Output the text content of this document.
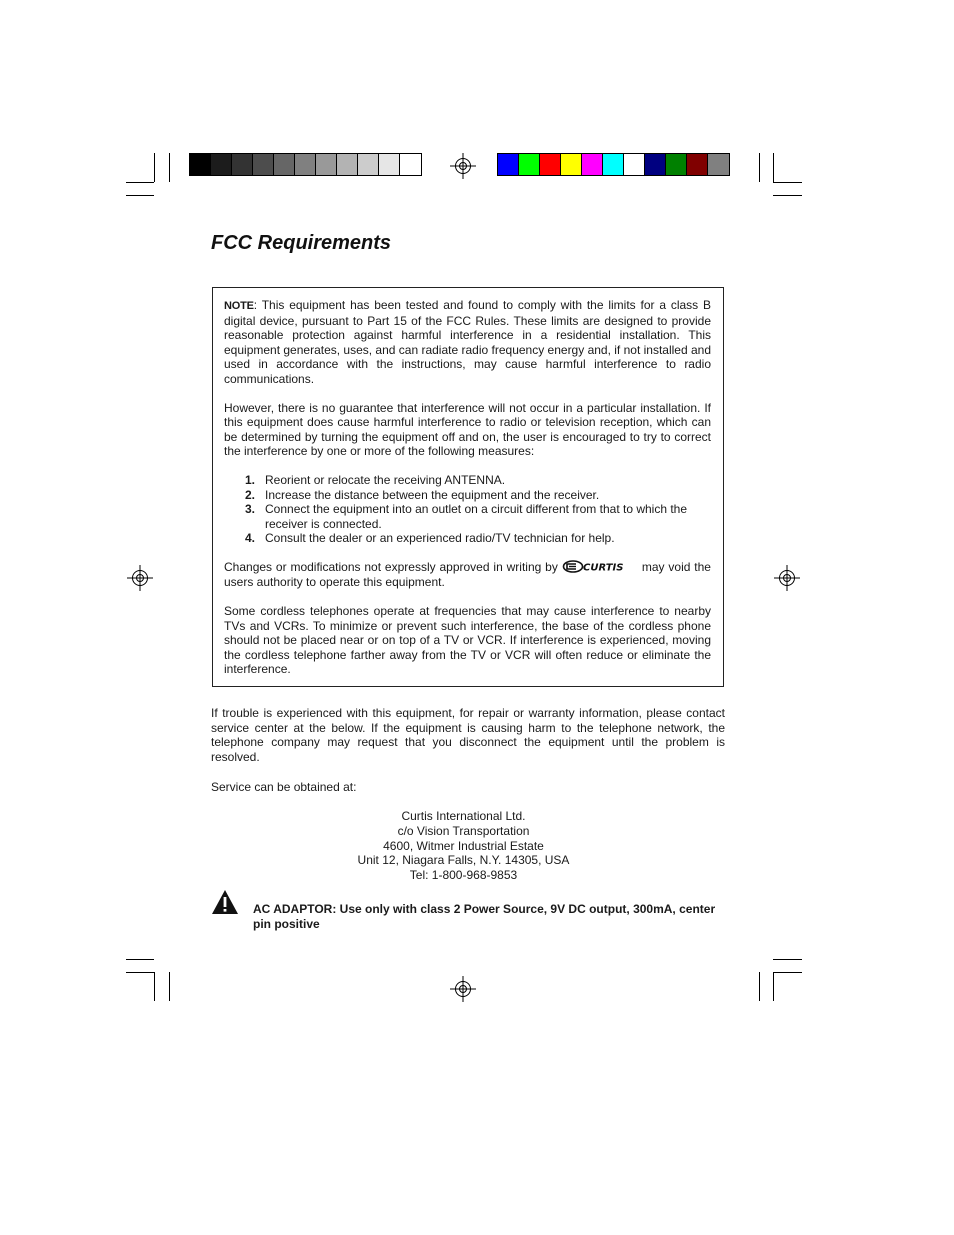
FCC Requirements

NOTE: This equipment has been tested and found to comply with the limits for a class B digital device, pursuant to Part 15 of the FCC Rules. These limits are designed to provide reasonable protection against harmful interference in a residential installation. This equipment generates, uses, and can radiate radio frequency energy and, if not installed and used in accordance with the instructions, may cause harmful interference to radio communications.

However, there is no guarantee that interference will not occur in a particular installation. If this equipment does cause harmful interference to radio or television reception, which can be determined by turning the equipment off and on, the user is encouraged to try to correct the interference by one or more of the following measures:

1. Reorient or relocate the receiving ANTENNA.
2. Increase the distance between the equipment and the receiver.
3. Connect the equipment into an outlet on a circuit different from that to which the receiver is connected.
4. Consult the dealer or an experienced radio/TV technician for help.

Changes or modifications not expressly approved in writing by	CURTIS may void the users authority to operate this equipment.

Some cordless telephones operate at frequencies that may cause interference to nearby TVs and VCRs. To minimize or prevent such interference, the base of the cordless phone should not be placed near or on top of a TV or VCR. If interference is experienced, moving the cordless telephone farther away from the TV or VCR will often reduce or eliminate the interference.

If trouble is experienced with this equipment, for repair or warranty information, please contact service center at the below. If the equipment is causing harm to the telephone network, the telephone company may request that you disconnect the equipment until the problem is resolved.

Service can be obtained at:

Curtis International Ltd.
c/o Vision Transportation
4600, Witmer Industrial Estate
Unit 12, Niagara Falls, N.Y. 14305, USA
Tel: 1-800-968-9853

AC ADAPTOR: Use only with class 2 Power Source, 9V DC output, 300mA, center pin positive
